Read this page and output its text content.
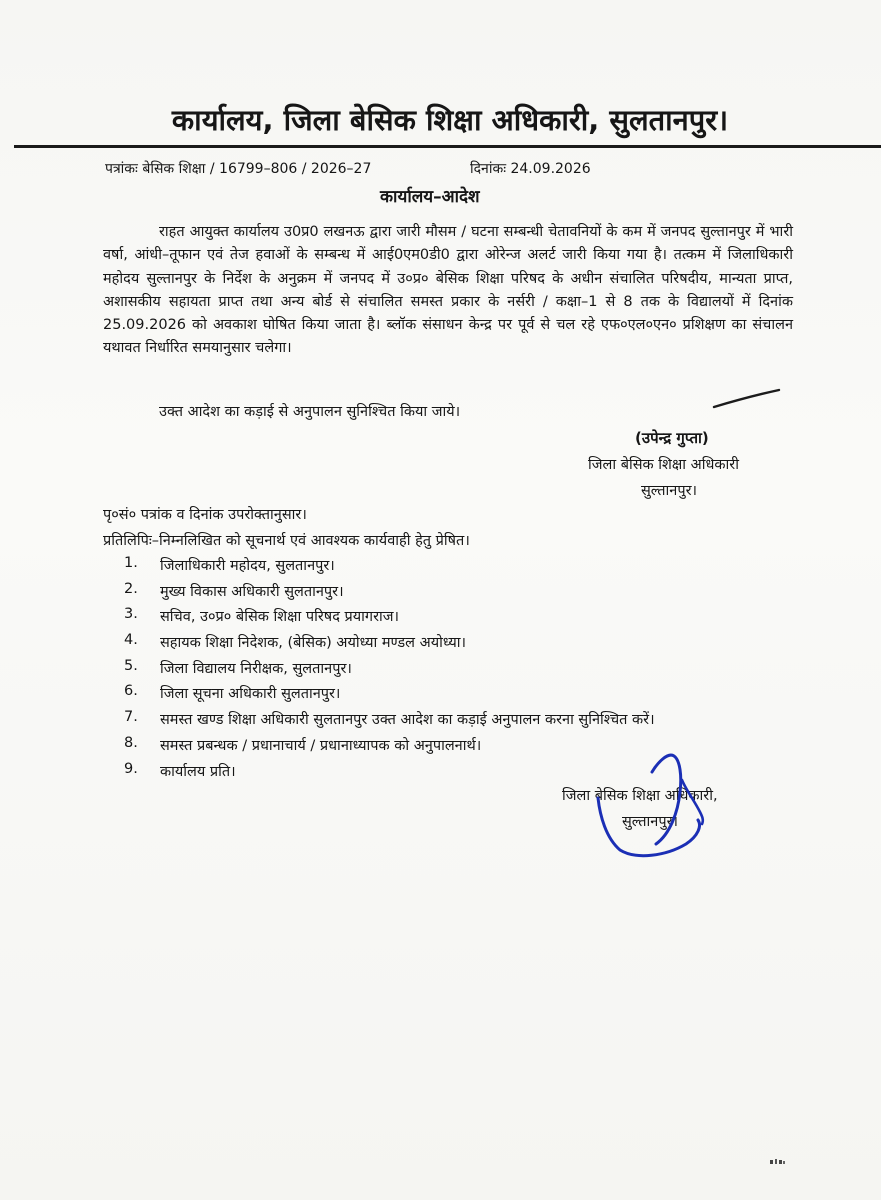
कार्यालय, जिला बेसिक शिक्षा अधिकारी, सुलतानपुर।
पत्रांकः बेसिक शिक्षा / 16799–806 / 2026–27	दिनांकः 24.09.2026
कार्यालय–आदेश

राहत आयुक्त कार्यालय उ0प्र0 लखनऊ द्वारा जारी मौसम / घटना सम्बन्धी चेतावनियों के कम में जनपद सुल्तानपुर में भारी वर्षा, आंधी–तूफान एवं तेज हवाओं के सम्बन्ध में आई0एम0डी0 द्वारा ओरेन्ज अलर्ट जारी किया गया है। तत्कम में जिलाधिकारी महोदय सुल्तानपुर के निर्देश के अनुक्रम में जनपद में उ०प्र० बेसिक शिक्षा परिषद के अधीन संचालित परिषदीय, मान्यता प्राप्त, अशासकीय सहायता प्राप्त तथा अन्य बोर्ड से संचालित समस्त प्रकार के नर्सरी / कक्षा–1 से 8 तक के विद्यालयों में दिनांक 25.09.2026 को अवकाश घोषित किया जाता है। ब्लॉक संसाधन केन्द्र पर पूर्व से चल रहे एफ०एल०एन० प्रशिक्षण का संचालन यथावत निर्धारित समयानुसार चलेगा।

उक्त आदेश का कड़ाई से अनुपालन सुनिश्चित किया जाये।
(उपेन्द्र गुप्ता)
जिला बेसिक शिक्षा अधिकारी
सुल्तानपुर।
पृ०सं० पत्रांक व दिनांक उपरोक्तानुसार।
प्रतिलिपिः–निम्नलिखित को सूचनार्थ एवं आवश्यक कार्यवाही हेतु प्रेषित।
1.	जिलाधिकारी महोदय, सुलतानपुर।
2.	मुख्य विकास अधिकारी सुलतानपुर।
3.	सचिव, उ०प्र० बेसिक शिक्षा परिषद प्रयागराज।
4.	सहायक शिक्षा निदेशक, (बेसिक) अयोध्या मण्डल अयोध्या।
5.	जिला विद्यालय निरीक्षक, सुलतानपुर।
6.	जिला सूचना अधिकारी सुलतानपुर।
7.	समस्त खण्ड शिक्षा अधिकारी सुलतानपुर उक्त आदेश का कड़ाई अनुपालन करना सुनिश्चित करें।
8.	समस्त प्रबन्धक / प्रधानाचार्य / प्रधानाध्यापक को अनुपालनार्थ।
9.	कार्यालय प्रति।
जिला बेसिक शिक्षा अधिकारी,
सुल्तानपुर।
